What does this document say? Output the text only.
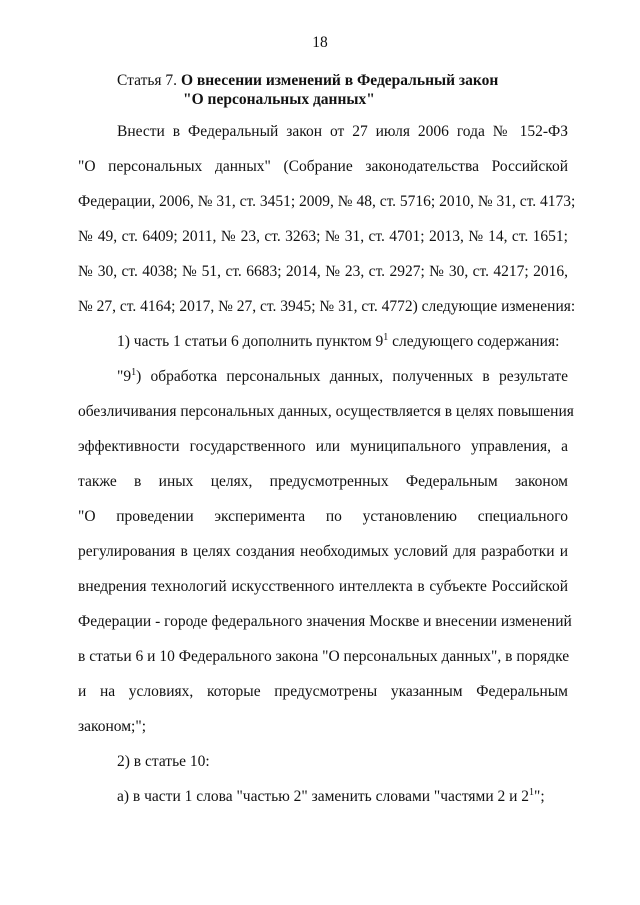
18
Статья 7. О внесении изменений в Федеральный закон
"О персональных данных"
Внести в Федеральный закон от 27 июля 2006 года № 152-ФЗ
"О персональных данных" (Собрание законодательства Российской
Федерации, 2006, № 31, ст. 3451; 2009, № 48, ст. 5716; 2010, № 31, ст. 4173;
№ 49, ст. 6409; 2011, № 23, ст. 3263; № 31, ст. 4701; 2013, № 14, ст. 1651;
№ 30, ст. 4038; № 51, ст. 6683; 2014, № 23, ст. 2927; № 30, ст. 4217; 2016,
№ 27, ст. 4164; 2017, № 27, ст. 3945; № 31, ст. 4772) следующие изменения:
1) часть 1 статьи 6 дополнить пунктом $9^1$ следующего содержания:
"$9^1$) обработка персональных данных, полученных в результате
обезличивания персональных данных, осуществляется в целях повышения
эффективности государственного или муниципального управления, а
также в иных целях, предусмотренных Федеральным законом
"О проведении эксперимента по установлению специального
регулирования в целях создания необходимых условий для разработки и
внедрения технологий искусственного интеллекта в субъекте Российской
Федерации - городе федерального значения Москве и внесении изменений
в статьи 6 и 10 Федерального закона "О персональных данных", в порядке
и на условиях, которые предусмотрены указанным Федеральным
законом;";
2) в статье 10:
а) в части 1 слова "частью 2" заменить словами "частями 2 и $2^1$";
